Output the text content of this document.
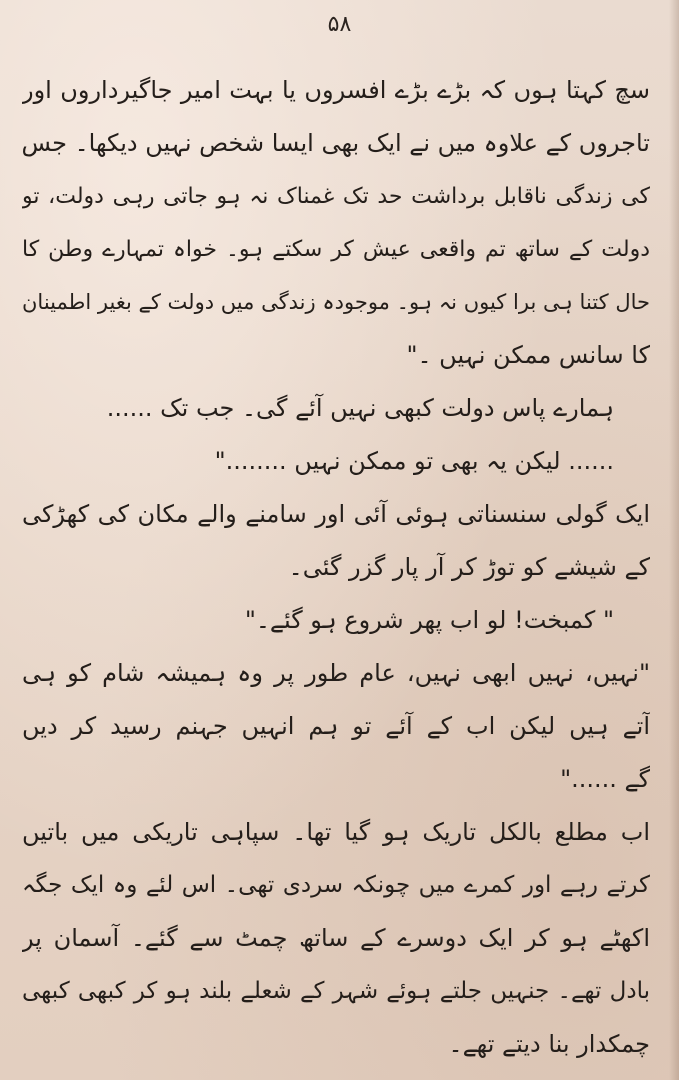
۵۸
سچ کہتا ہوں کہ بڑے بڑے افسروں یا بہت امیر جاگیرداروں اور
تاجروں کے علاوہ میں نے ایک بھی ایسا شخص نہیں دیکھا۔ جس
کی زندگی ناقابل برداشت حد تک غمناک نہ ہو جاتی رہی دولت، تو
دولت کے ساتھ تم واقعی عیش کر سکتے ہو۔ خواہ تمہارے وطن کا
حال کتنا ہی برا کیوں نہ ہو۔ موجودہ زندگی میں دولت کے بغیر اطمینان
کا سانس ممکن نہیں ۔"
ہمارے پاس دولت کبھی نہیں آئے گی۔ جب تک ......
...... لیکن یہ بھی تو ممکن نہیں ........"
ایک گولی سنسناتی ہوئی آئی اور سامنے والے مکان کی کھڑکی
کے شیشے کو توڑ کر آر پار گزر گئی۔
" کمبخت! لو اب پھر شروع ہو گئے۔"
"نہیں، نہیں ابھی نہیں، عام طور پر وہ ہمیشہ شام کو ہی
آتے ہیں لیکن اب کے آئے تو ہم انہیں جہنم رسید کر دیں
گے ......"
اب مطلع بالکل تاریک ہو گیا تھا۔ سپاہی تاریکی میں باتیں
کرتے رہے اور کمرے میں چونکہ سردی تھی۔ اس لئے وہ ایک جگہ
اکھٹے ہو کر ایک دوسرے کے ساتھ چمٹ سے گئے۔ آسمان پر
بادل تھے۔ جنہیں جلتے ہوئے شہر کے شعلے بلند ہو کر کبھی کبھی
چمکدار بنا دیتے تھے۔
